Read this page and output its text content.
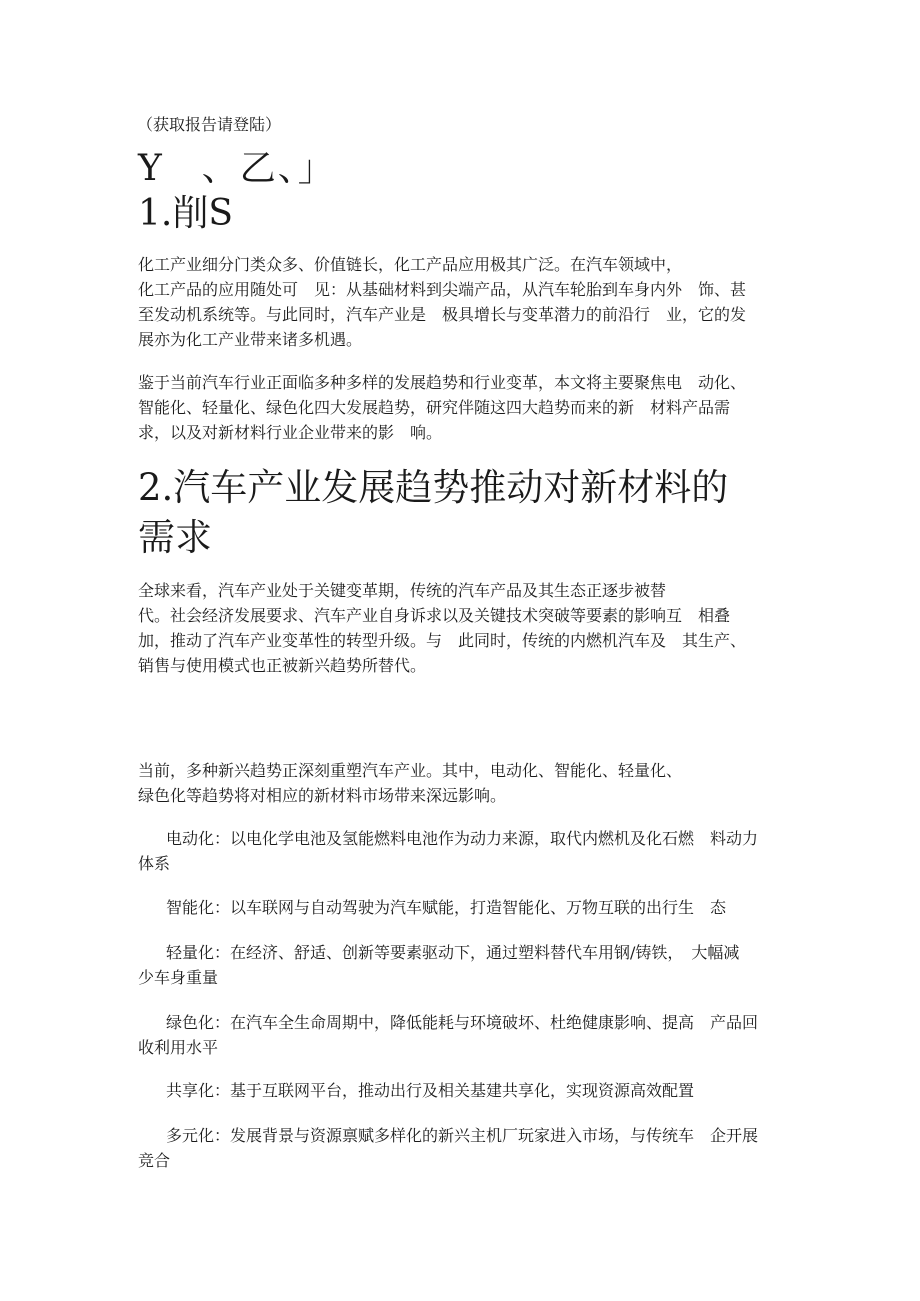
（获取报告请登陆）
Y　、乙、」
1.削S

化工产业细分门类众多、价值链长，化工产品应用极其广泛。在汽车领域中，

化工产品的应用随处可　见：从基础材料到尖端产品，从汽车轮胎到车身内外　饰、甚

至发动机系统等。与此同时，汽车产业是　极具增长与变革潜力的前沿行　业，它的发

展亦为化工产业带来诸多机遇。

鉴于当前汽车行业正面临多种多样的发展趋势和行业变革，本文将主要聚焦电　动化、

智能化、轻量化、绿色化四大发展趋势，研究伴随这四大趋势而来的新　材料产品需

求，以及对新材料行业企业带来的影　响。

2.汽车产业发展趋势推动对新材料的
需求

全球来看，汽车产业处于关键变革期，传统的汽车产品及其生态正逐步被替

代。社会经济发展要求、汽车产业自身诉求以及关键技术突破等要素的影响互　相叠

加，推动了汽车产业变革性的转型升级。与　此同时，传统的内燃机汽车及　其生产、

销售与使用模式也正被新兴趋势所替代。

当前，多种新兴趋势正深刻重塑汽车产业。其中，电动化、智能化、轻量化、

绿色化等趋势将对相应的新材料市场带来深远影响。

电动化：以电化学电池及氢能燃料电池作为动力来源，取代内燃机及化石燃　料动力
体系
智能化：以车联网与自动驾驶为汽车赋能，打造智能化、万物互联的出行生　态
轻量化：在经济、舒适、创新等要素驱动下，通过塑料替代车用钢/铸铁，　大幅减
少车身重量
绿色化：在汽车全生命周期中，降低能耗与环境破坏、杜绝健康影响、提高　产品回
收利用水平
共享化：基于互联网平台，推动出行及相关基建共享化，实现资源高效配置
多元化：发展背景与资源禀赋多样化的新兴主机厂玩家进入市场，与传统车　企开展
竞合
